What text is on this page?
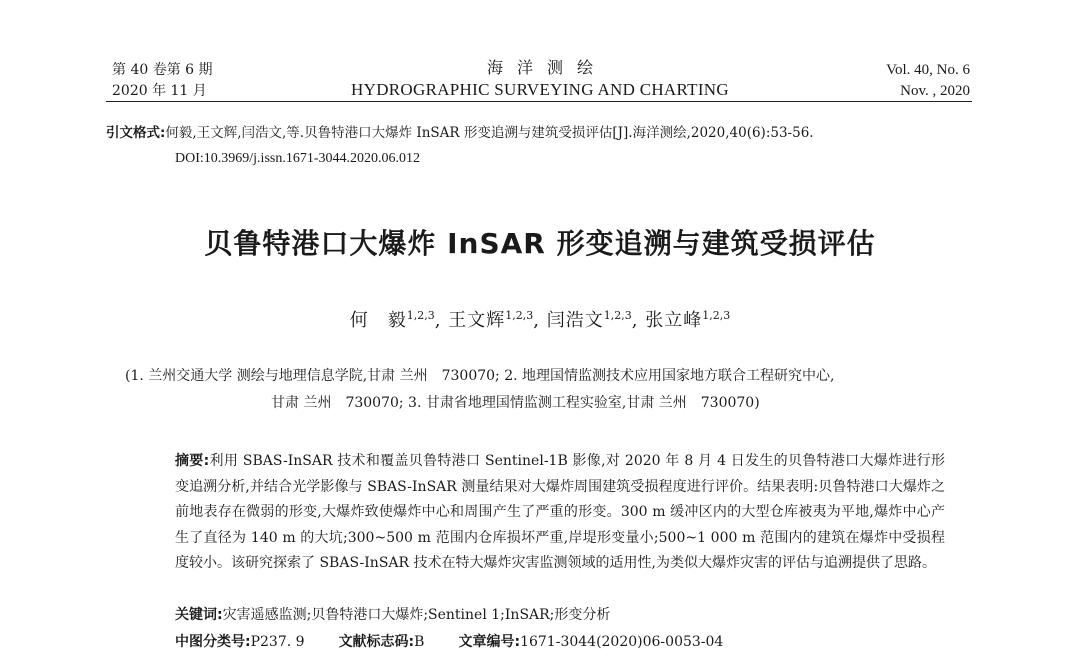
第 40 卷第 6 期
2020 年 11 月
海洋测绘
HYDROGRAPHIC SURVEYING AND CHARTING
Vol. 40, No. 6
Nov. , 2020
引文格式:何毅,王文辉,闫浩文,等.贝鲁特港口大爆炸 InSAR 形变追溯与建筑受损评估[J].海洋测绘,2020,40(6):53-56.
DOI:10.3969/j.issn.1671-3044.2020.06.012
贝鲁特港口大爆炸 InSAR 形变追溯与建筑受损评估
何　毅$^{1,2,3}$, 王文辉$^{1,2,3}$, 闫浩文$^{1,2,3}$, 张立峰$^{1,2,3}$
(1. 兰州交通大学 测绘与地理信息学院,甘肃 兰州　730070; 2. 地理国情监测技术应用国家地方联合工程研究中心,
甘肃 兰州　730070; 3. 甘肃省地理国情监测工程实验室,甘肃 兰州　730070)
摘要:利用 SBAS-InSAR 技术和覆盖贝鲁特港口 Sentinel-1B 影像,对 2020 年 8 月 4 日发生的贝鲁特港口大爆炸进行形变追溯分析,并结合光学影像与 SBAS-InSAR 测量结果对大爆炸周围建筑受损程度进行评价。结果表明:贝鲁特港口大爆炸之前地表存在微弱的形变,大爆炸致使爆炸中心和周围产生了严重的形变。300 m 缓冲区内的大型仓库被夷为平地,爆炸中心产生了直径为 140 m 的大坑;300~500 m 范围内仓库损坏严重,岸堤形变量小;500~1 000 m 范围内的建筑在爆炸中受损程度较小。该研究探索了 SBAS-InSAR 技术在特大爆炸灾害监测领域的适用性,为类似大爆炸灾害的评估与追溯提供了思路。
关键词:灾害遥感监测;贝鲁特港口大爆炸;Sentinel 1;InSAR;形变分析
中图分类号:P237. 9 文献标志码:B 文章编号:1671-3044(2020)06-0053-04
